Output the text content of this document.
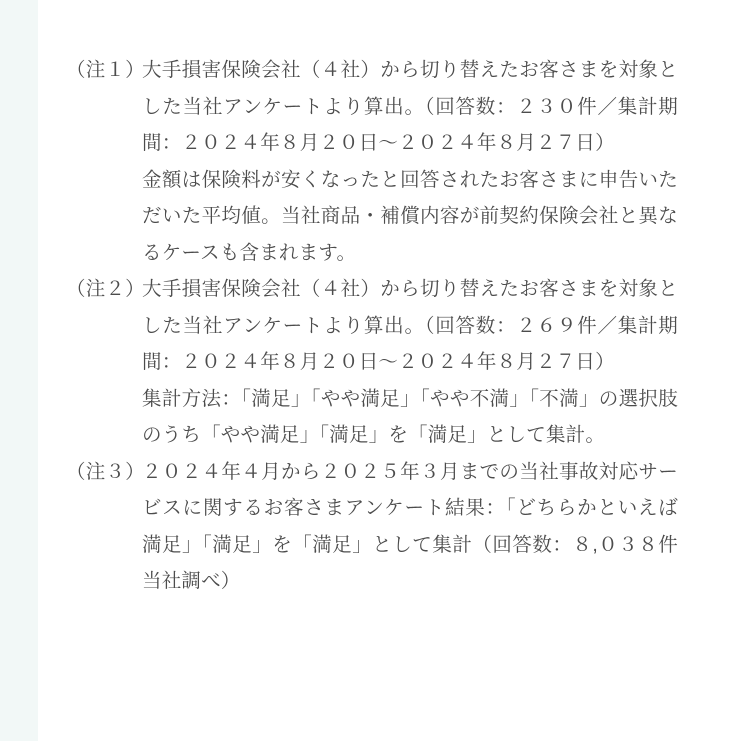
（注１）

大手損害保険会社（４社）から切り替えたお客さまを対象とした当社アンケートより算出。（回答数：２３０件／集計期間：２０２４年８月２０日～２０２４年８月２７日）

金額は保険料が安くなったと回答されたお客さまに申告いただいた平均値。当社商品・補償内容が前契約保険会社と異なるケースも含まれます。

（注２）

大手損害保険会社（４社）から切り替えたお客さまを対象とした当社アンケートより算出。（回答数：２６９件／集計期間：２０２４年８月２０日～２０２４年８月２７日）

集計方法：「満足」「やや満足」「やや不満」「不満」の選択肢のうち「やや満足」「満足」を「満足」として集計。

（注３）

２０２４年４月から２０２５年３月までの当社事故対応サービスに関するお客さまアンケート結果：「どちらかといえば満足」「満足」を「満足」として集計（回答数：８,０３８件　当社調べ）
